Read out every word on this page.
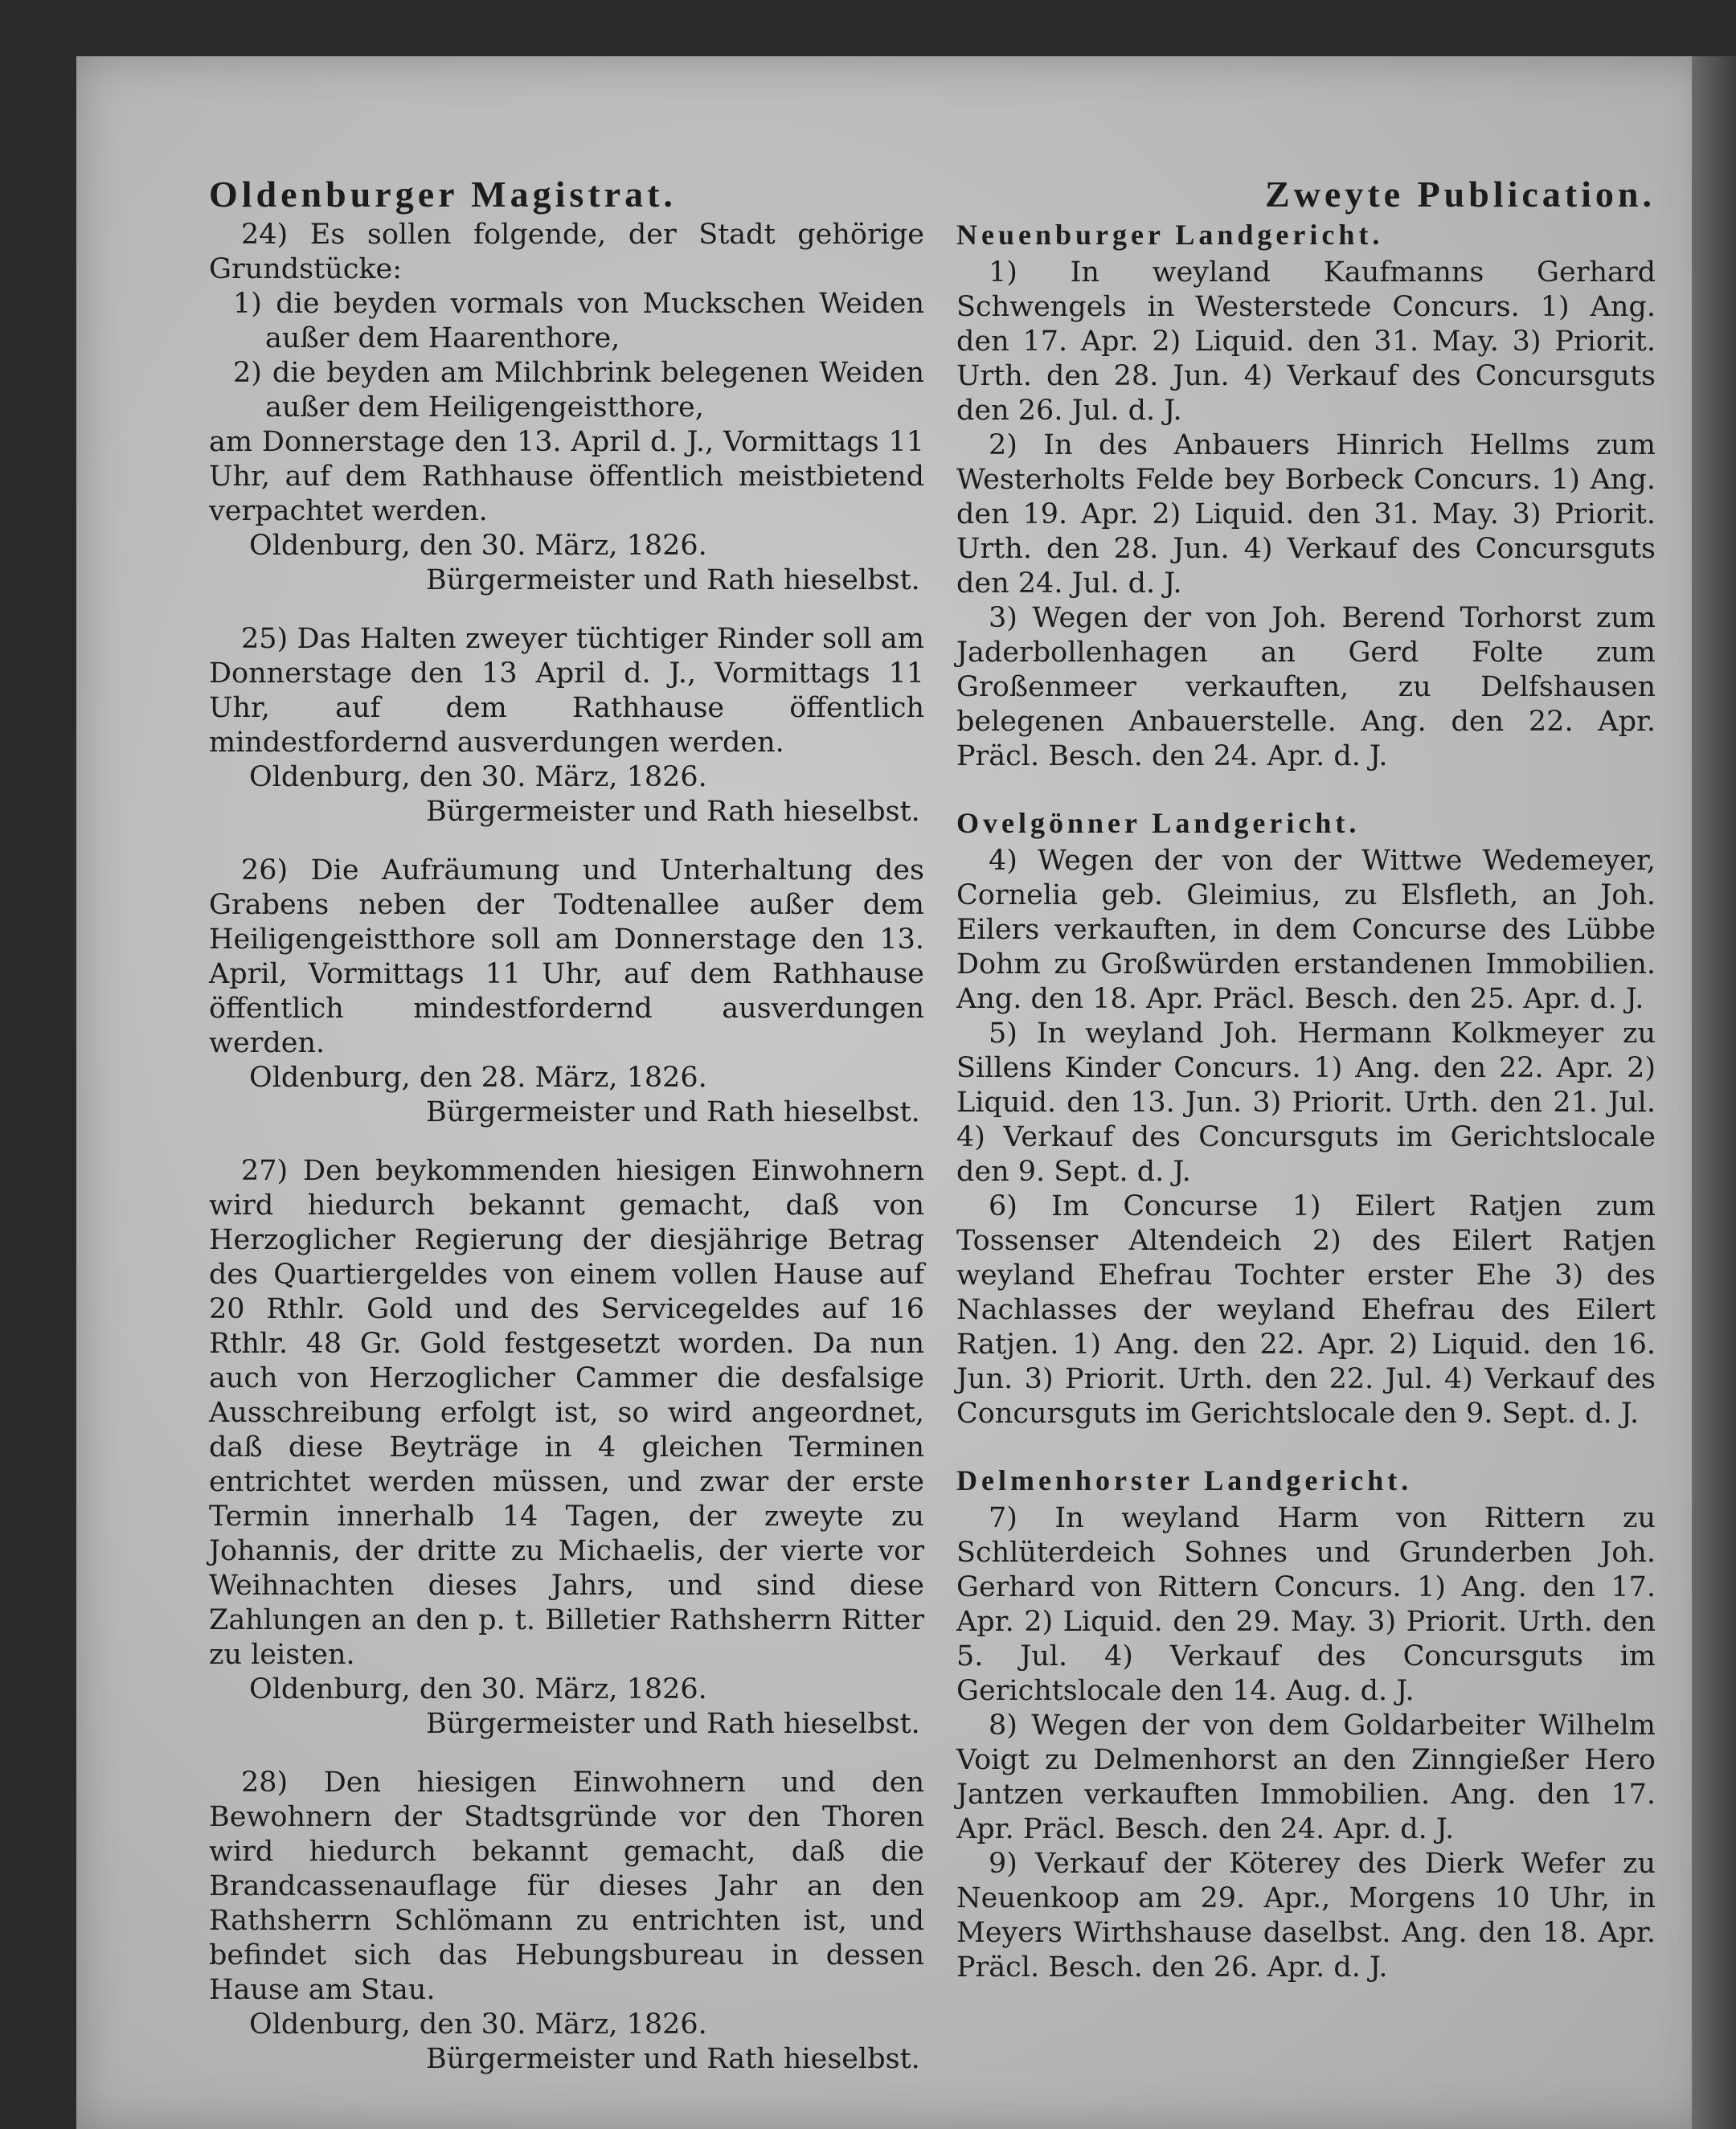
Oldenburger Magistrat.

24) Es sollen folgende, der Stadt gehörige Grundstücke:

1) die beyden vormals von Muckschen Weiden außer dem Haarenthore,

2) die beyden am Milchbrink belegenen Weiden außer dem Heiligengeistthore,

am Donnerstage den 13. April d. J., Vormittags 11 Uhr, auf dem Rathhause öffentlich meistbietend verpachtet werden.

Oldenburg, den 30. März, 1826.

Bürgermeister und Rath hieselbst.

25) Das Halten zweyer tüchtiger Rinder soll am Donnerstage den 13 April d. J., Vormittags 11 Uhr, auf dem Rathhause öffentlich mindestfordernd ausverdungen werden.

Oldenburg, den 30. März, 1826.

Bürgermeister und Rath hieselbst.

26) Die Aufräumung und Unterhaltung des Grabens neben der Todtenallee außer dem Heiligengeistthore soll am Donnerstage den 13. April, Vormittags 11 Uhr, auf dem Rathhause öffentlich mindestfordernd ausverdungen werden.

Oldenburg, den 28. März, 1826.

Bürgermeister und Rath hieselbst.

27) Den beykommenden hiesigen Einwohnern wird hiedurch bekannt gemacht, daß von Herzoglicher Regierung der diesjährige Betrag des Quartiergeldes von einem vollen Hause auf 20 Rthlr. Gold und des Servicegeldes auf 16 Rthlr. 48 Gr. Gold festgesetzt worden. Da nun auch von Herzoglicher Cammer die desfalsige Ausschreibung erfolgt ist, so wird angeordnet, daß diese Beyträge in 4 gleichen Terminen entrichtet werden müssen, und zwar der erste Termin innerhalb 14 Tagen, der zweyte zu Johannis, der dritte zu Michaelis, der vierte vor Weihnachten dieses Jahrs, und sind diese Zahlungen an den p. t. Billetier Rathsherrn Ritter zu leisten.

Oldenburg, den 30. März, 1826.

Bürgermeister und Rath hieselbst.

28) Den hiesigen Einwohnern und den Bewohnern der Stadtsgründe vor den Thoren wird hiedurch bekannt gemacht, daß die Brandcassenauflage für dieses Jahr an den Rathsherrn Schlömann zu entrichten ist, und befindet sich das Hebungsbureau in dessen Hause am Stau.

Oldenburg, den 30. März, 1826.

Bürgermeister und Rath hieselbst.

Zweyte Publication.
Neuenburger Landgericht.

1) In weyland Kaufmanns Gerhard Schwengels in Westerstede Concurs. 1) Ang. den 17. Apr. 2) Liquid. den 31. May. 3) Priorit. Urth. den 28. Jun. 4) Verkauf des Concursguts den 26. Jul. d. J.

2) In des Anbauers Hinrich Hellms zum Westerholts Felde bey Borbeck Concurs. 1) Ang. den 19. Apr. 2) Liquid. den 31. May. 3) Priorit. Urth. den 28. Jun. 4) Verkauf des Concursguts den 24. Jul. d. J.

3) Wegen der von Joh. Berend Torhorst zum Jaderbollenhagen an Gerd Folte zum Großenmeer verkauften, zu Delfshausen belegenen Anbauerstelle. Ang. den 22. Apr. Präcl. Besch. den 24. Apr. d. J.

Ovelgönner Landgericht.

4) Wegen der von der Wittwe Wedemeyer, Cornelia geb. Gleimius, zu Elsfleth, an Joh. Eilers verkauften, in dem Concurse des Lübbe Dohm zu Großwürden erstandenen Immobilien. Ang. den 18. Apr. Präcl. Besch. den 25. Apr. d. J.

5) In weyland Joh. Hermann Kolkmeyer zu Sillens Kinder Concurs. 1) Ang. den 22. Apr. 2) Liquid. den 13. Jun. 3) Priorit. Urth. den 21. Jul. 4) Verkauf des Concursguts im Gerichtslocale den 9. Sept. d. J.

6) Im Concurse 1) Eilert Ratjen zum Tossenser Altendeich 2) des Eilert Ratjen weyland Ehefrau Tochter erster Ehe 3) des Nachlasses der weyland Ehefrau des Eilert Ratjen. 1) Ang. den 22. Apr. 2) Liquid. den 16. Jun. 3) Priorit. Urth. den 22. Jul. 4) Verkauf des Concursguts im Gerichtslocale den 9. Sept. d. J.

Delmenhorster Landgericht.

7) In weyland Harm von Rittern zu Schlüterdeich Sohnes und Grunderben Joh. Gerhard von Rittern Concurs. 1) Ang. den 17. Apr. 2) Liquid. den 29. May. 3) Priorit. Urth. den 5. Jul. 4) Verkauf des Concursguts im Gerichtslocale den 14. Aug. d. J.

8) Wegen der von dem Goldarbeiter Wilhelm Voigt zu Delmenhorst an den Zinngießer Hero Jantzen verkauften Immobilien. Ang. den 17. Apr. Präcl. Besch. den 24. Apr. d. J.

9) Verkauf der Köterey des Dierk Wefer zu Neuenkoop am 29. Apr., Morgens 10 Uhr, in Meyers Wirthshause daselbst. Ang. den 18. Apr. Präcl. Besch. den 26. Apr. d. J.
